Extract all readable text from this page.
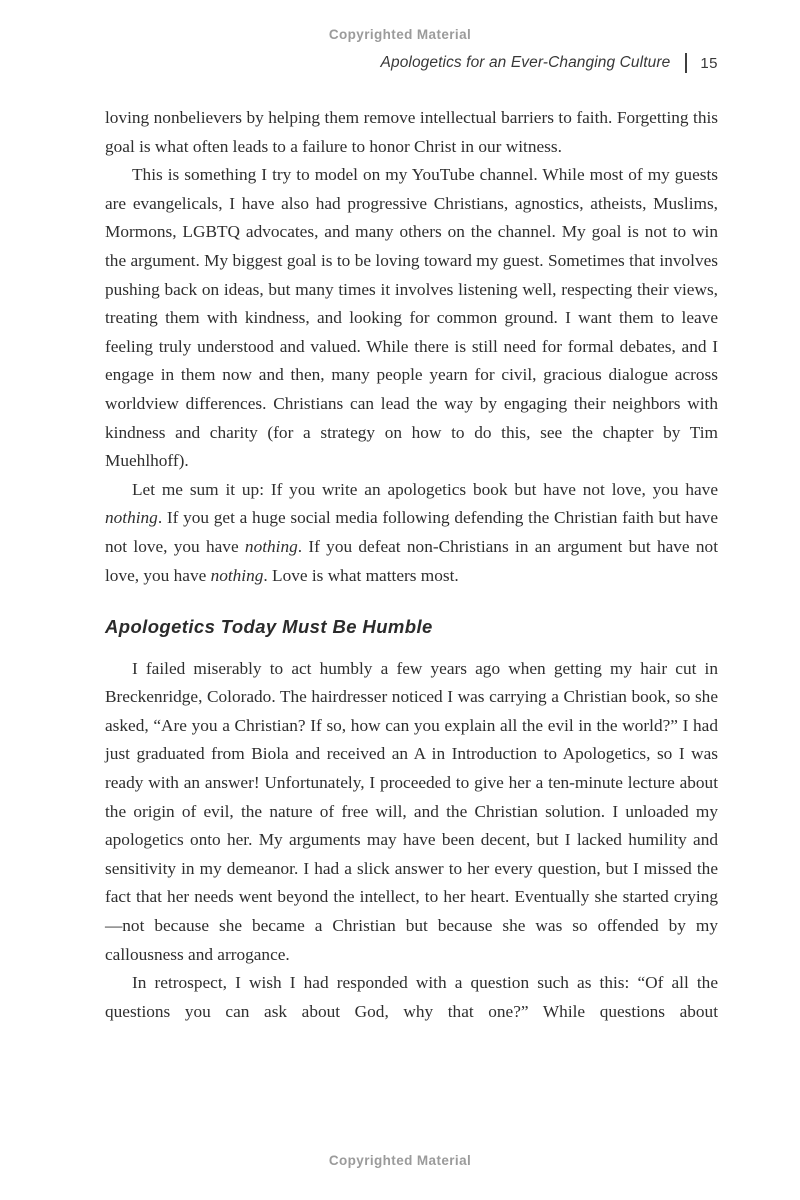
Copyrighted Material
Apologetics for an Ever-Changing Culture 15

loving nonbelievers by helping them remove intellectual barriers to faith. Forgetting this goal is what often leads to a failure to honor Christ in our witness.

This is something I try to model on my YouTube channel. While most of my guests are evangelicals, I have also had progressive Christians, agnostics, atheists, Muslims, Mormons, LGBTQ advocates, and many others on the channel. My goal is not to win the argument. My biggest goal is to be loving toward my guest. Sometimes that involves pushing back on ideas, but many times it involves listening well, respecting their views, treating them with kindness, and looking for common ground. I want them to leave feeling truly understood and valued. While there is still need for formal debates, and I engage in them now and then, many people yearn for civil, gracious dialogue across worldview differences. Christians can lead the way by engaging their neighbors with kindness and charity (for a strategy on how to do this, see the chapter by Tim Muehlhoff).

Let me sum it up: If you write an apologetics book but have not love, you have nothing. If you get a huge social media following defending the Christian faith but have not love, you have nothing. If you defeat non-Christians in an argument but have not love, you have nothing. Love is what matters most.

Apologetics Today Must Be Humble

I failed miserably to act humbly a few years ago when getting my hair cut in Breckenridge, Colorado. The hairdresser noticed I was carrying a Christian book, so she asked, “Are you a Christian? If so, how can you explain all the evil in the world?” I had just graduated from Biola and received an A in Introduction to Apologetics, so I was ready with an answer! Unfortunately, I proceeded to give her a ten-minute lecture about the origin of evil, the nature of free will, and the Christian solution. I unloaded my apologetics onto her. My arguments may have been decent, but I lacked humility and sensitivity in my demeanor. I had a slick answer to her every question, but I missed the fact that her needs went beyond the intellect, to her heart. Eventually she started crying—not because she became a Christian but because she was so offended by my callousness and arrogance.

In retrospect, I wish I had responded with a question such as this: “Of all the questions you can ask about God, why that one?” While questions about

Copyrighted Material
